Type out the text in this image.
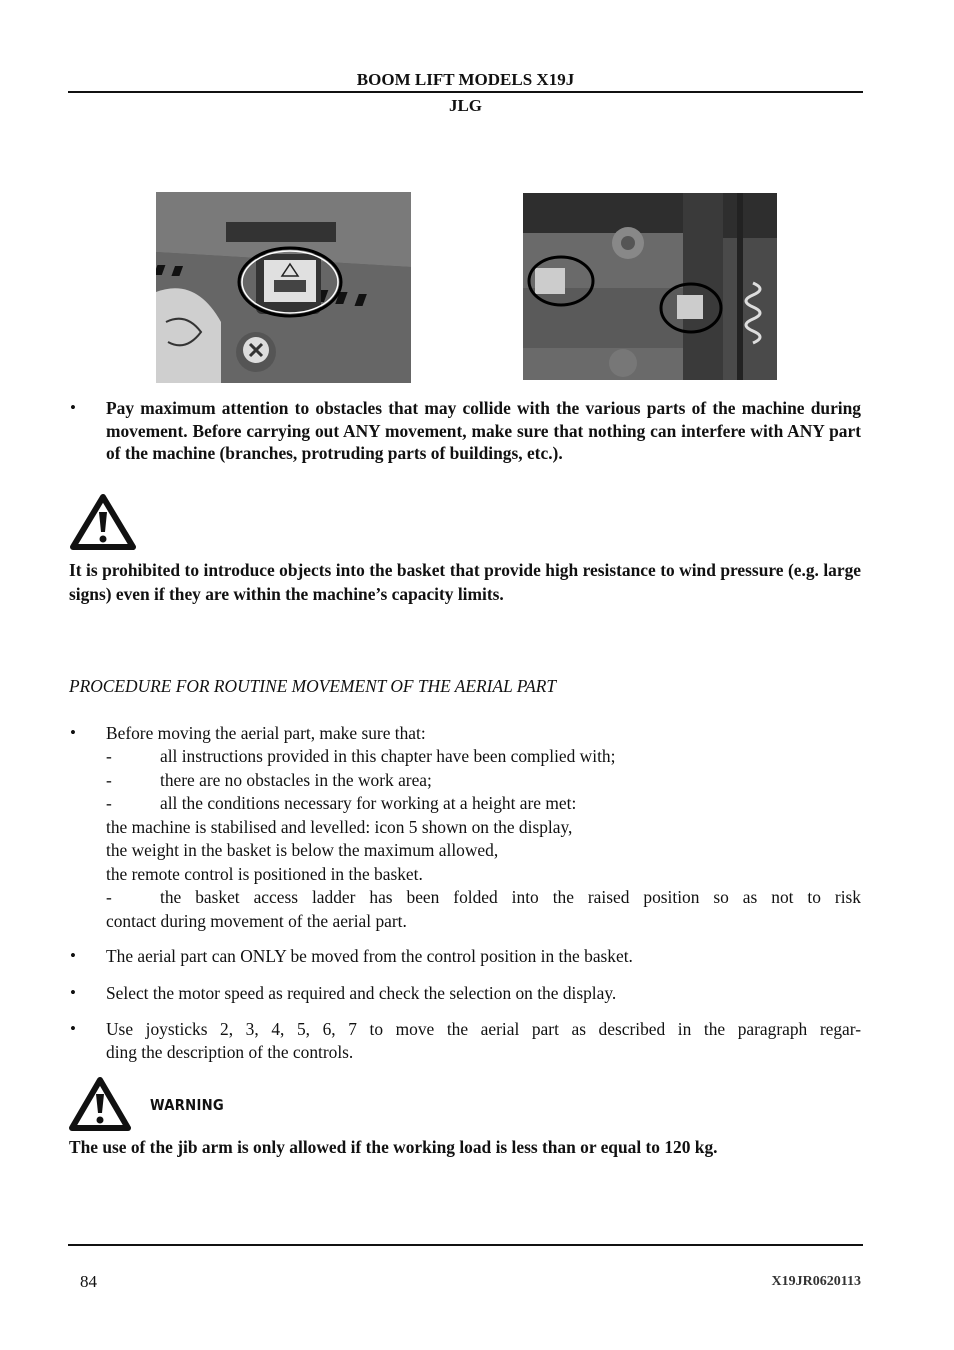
BOOM LIFT MODELS X19J
JLG
• Pay maximum attention to obstacles that may collide with the various parts of the machine during movement. Before carrying out ANY movement, make sure that nothing can interfere with ANY part of the machine (branches, protruding parts of buildings, etc.).
It is prohibited to introduce objects into the basket that provide high resistance to wind pressure (e.g. large signs) even if they are within the machine’s capacity limits.
PROCEDURE FOR ROUTINE MOVEMENT OF THE AERIAL PART
• Before moving the aerial part, make sure that:
-	all instructions provided in this chapter have been complied with;
-	there are no obstacles in the work area;
-	all the conditions necessary for working at a height are met:
the machine is stabilised and levelled: icon 5 shown on the display,
the weight in the basket is below the maximum allowed,
the remote control is positioned in the basket.
-	the basket access ladder has been folded into the raised position so as not to risk
contact during movement of the aerial part.
• The aerial part can ONLY be moved from the control position in the basket.
• Select the motor speed as required and check the selection on the display.
• Use joysticks 2, 3, 4, 5, 6, 7 to move the aerial part as described in the paragraph regar-
ding the description of the controls.
WARNING
The use of the jib arm is only allowed if the working load is less than or equal to 120 kg.
84	X19JR0620113
